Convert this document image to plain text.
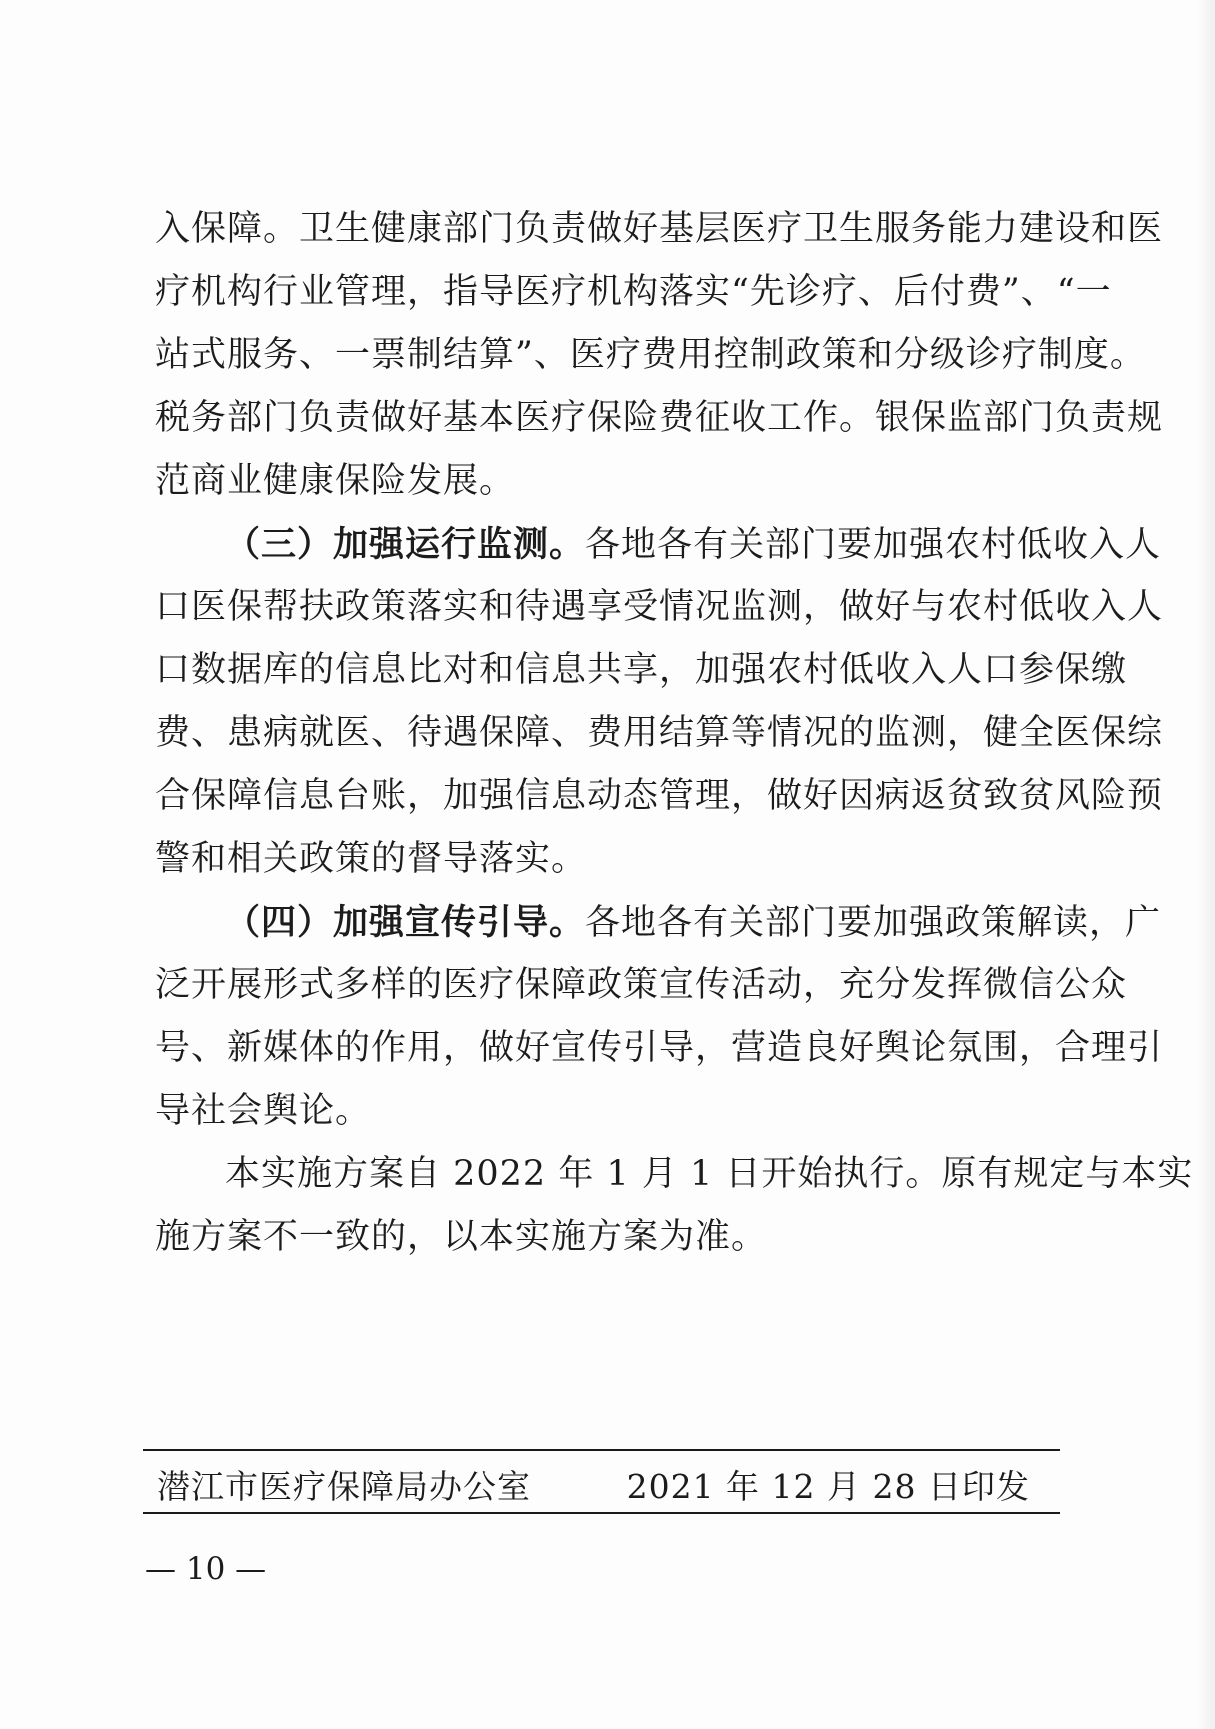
入保障。卫生健康部门负责做好基层医疗卫生服务能力建设和医
疗机构行业管理，指导医疗机构落实“先诊疗、后付费”、“一
站式服务、一票制结算”、医疗费用控制政策和分级诊疗制度。
税务部门负责做好基本医疗保险费征收工作。银保监部门负责规
范商业健康保险发展。
（三）加强运行监测。各地各有关部门要加强农村低收入人
口医保帮扶政策落实和待遇享受情况监测，做好与农村低收入人
口数据库的信息比对和信息共享，加强农村低收入人口参保缴
费、患病就医、待遇保障、费用结算等情况的监测，健全医保综
合保障信息台账，加强信息动态管理，做好因病返贫致贫风险预
警和相关政策的督导落实。
（四）加强宣传引导。各地各有关部门要加强政策解读，广
泛开展形式多样的医疗保障政策宣传活动，充分发挥微信公众
号、新媒体的作用，做好宣传引导，营造良好舆论氛围，合理引
导社会舆论。
本实施方案自 2022 年 1 月 1 日开始执行。原有规定与本实
施方案不一致的，以本实施方案为准。
潜江市医疗保障局办公室	2021 年 12 月 28 日印发
— 10 —
